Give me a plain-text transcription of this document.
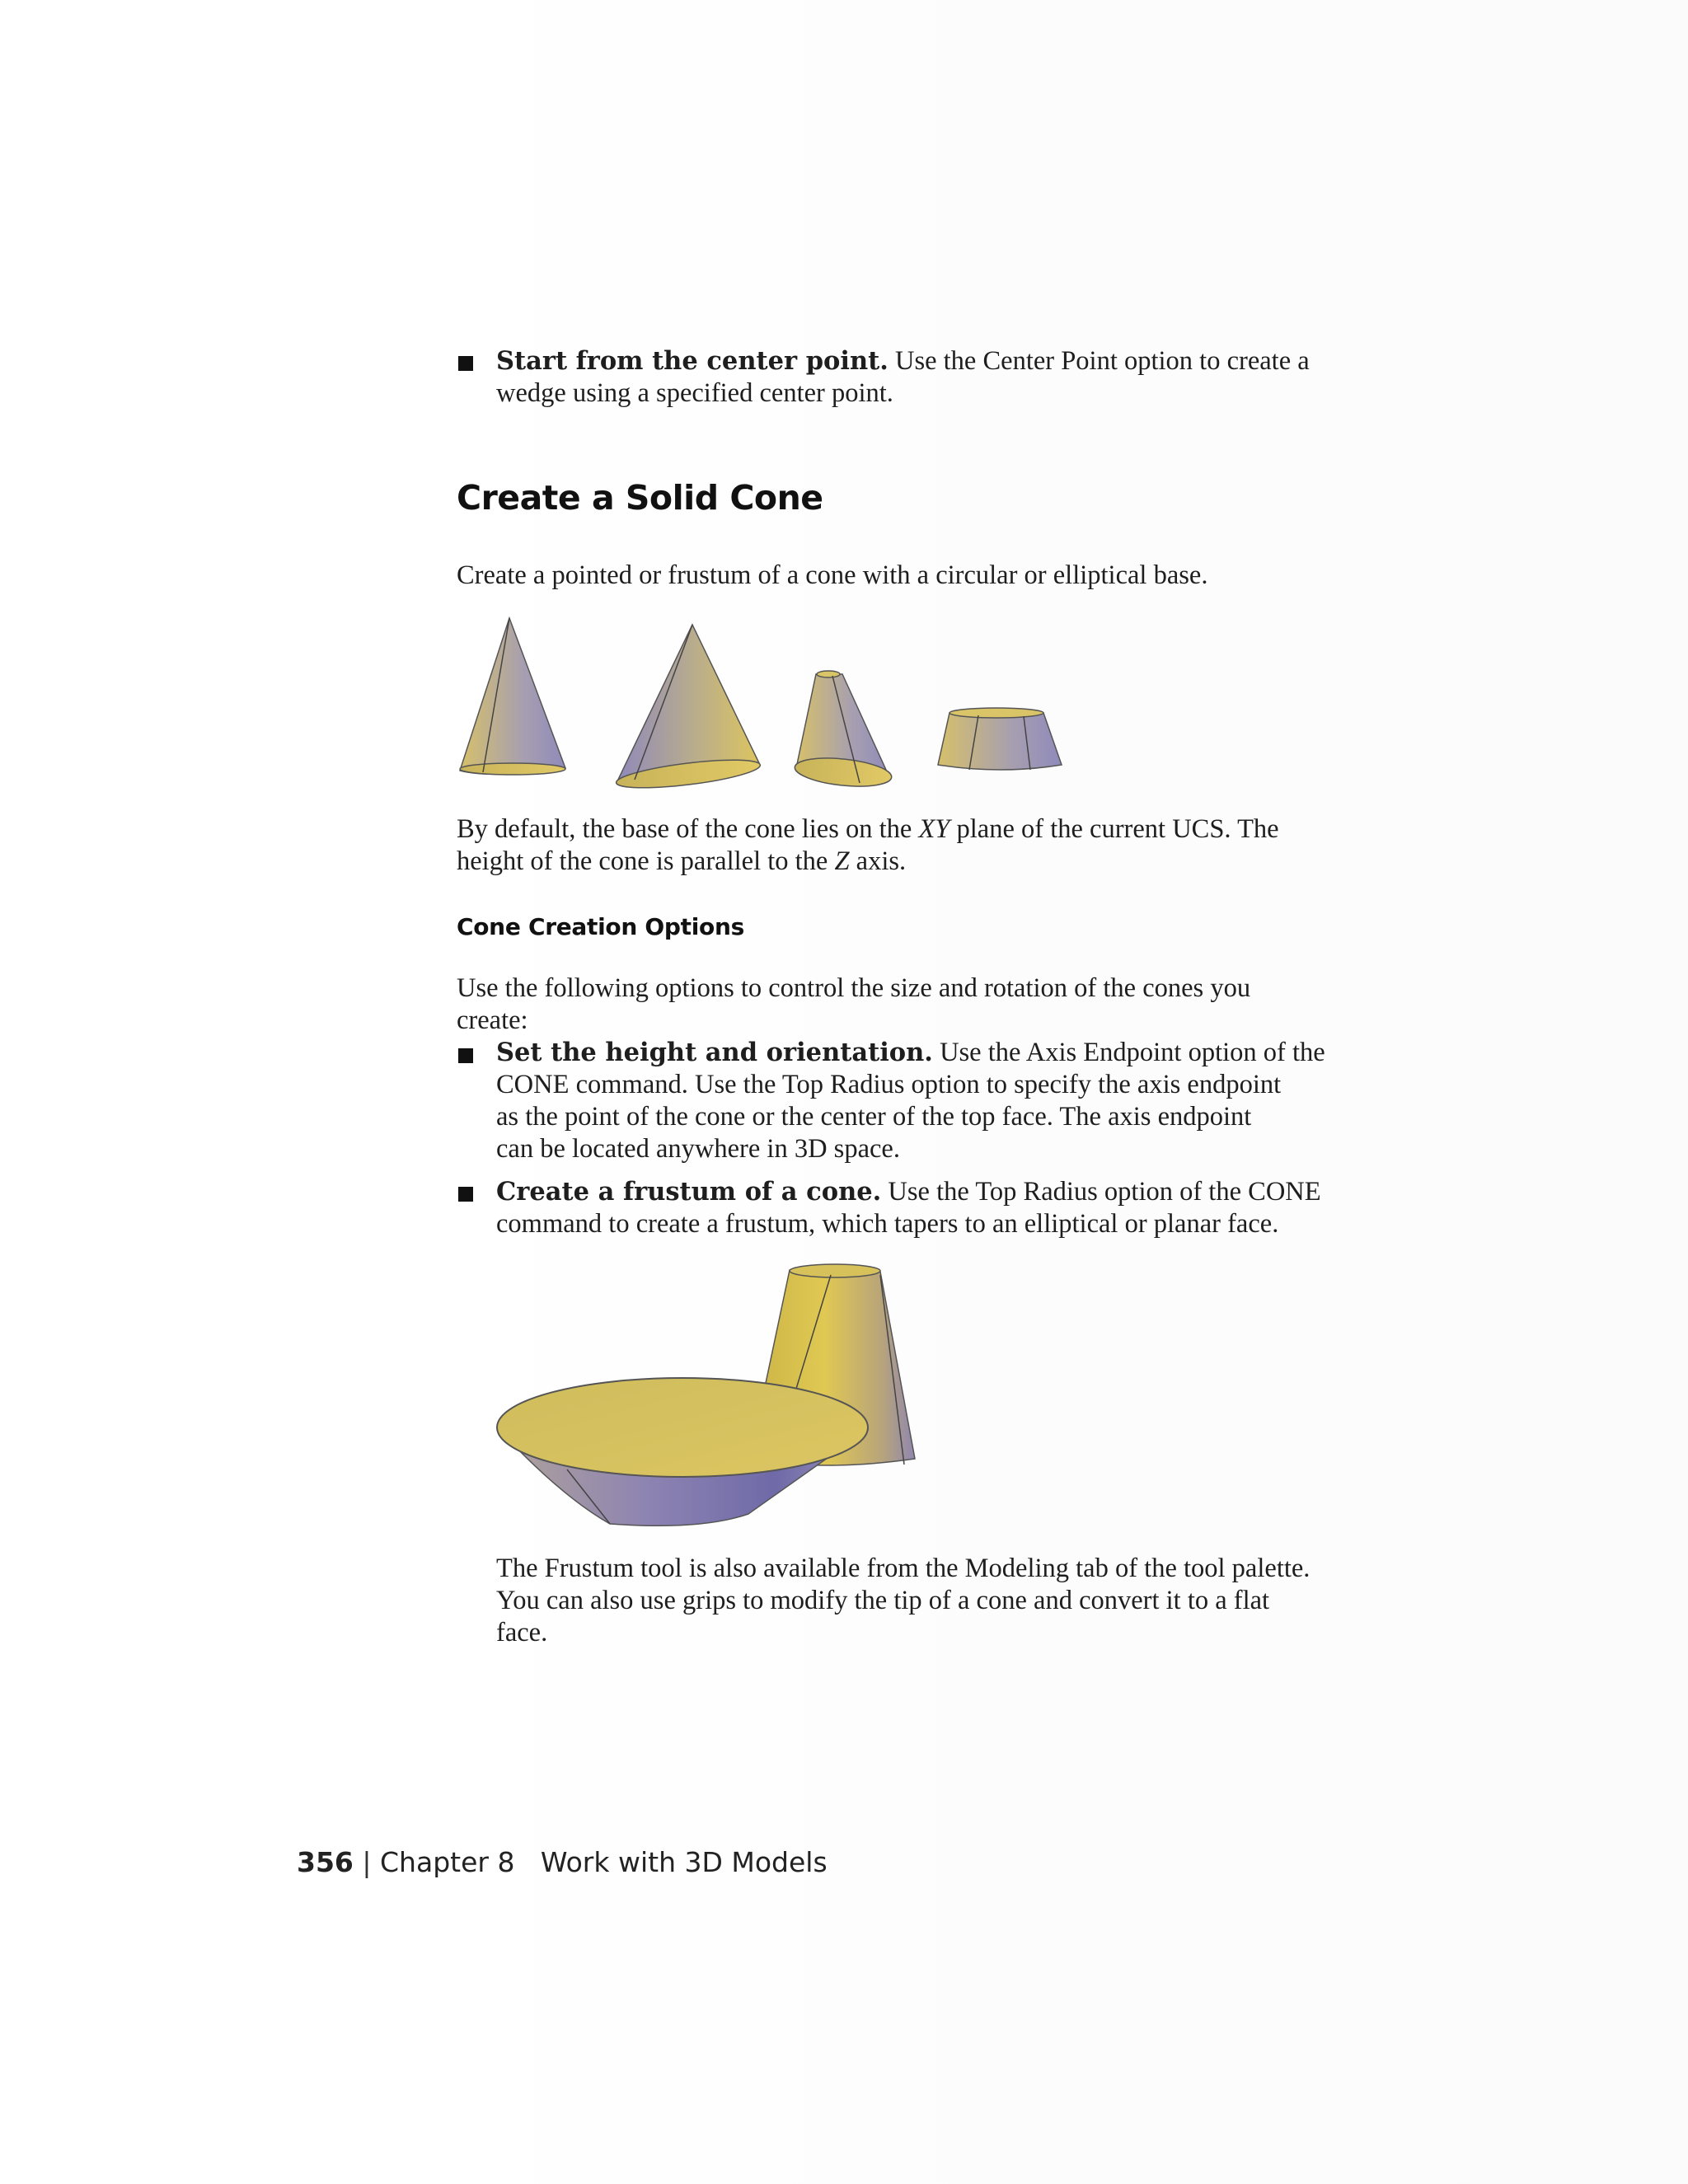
Start from the center point. Use the Center Point option to create a
wedge using a specified center point.
Create a Solid Cone
Create a pointed or frustum of a cone with a circular or elliptical base.
By default, the base of the cone lies on the XY plane of the current UCS. The
height of the cone is parallel to the Z axis.
Cone Creation Options
Use the following options to control the size and rotation of the cones you
create:
Set the height and orientation. Use the Axis Endpoint option of the
CONE command. Use the Top Radius option to specify the axis endpoint
as the point of the cone or the center of the top face. The axis endpoint
can be located anywhere in 3D space.
Create a frustum of a cone. Use the Top Radius option of the CONE
command to create a frustum, which tapers to an elliptical or planar face.
The Frustum tool is also available from the Modeling tab of the tool palette.
You can also use grips to modify the tip of a cone and convert it to a flat
face.
356 | Chapter 8 Work with 3D Models
